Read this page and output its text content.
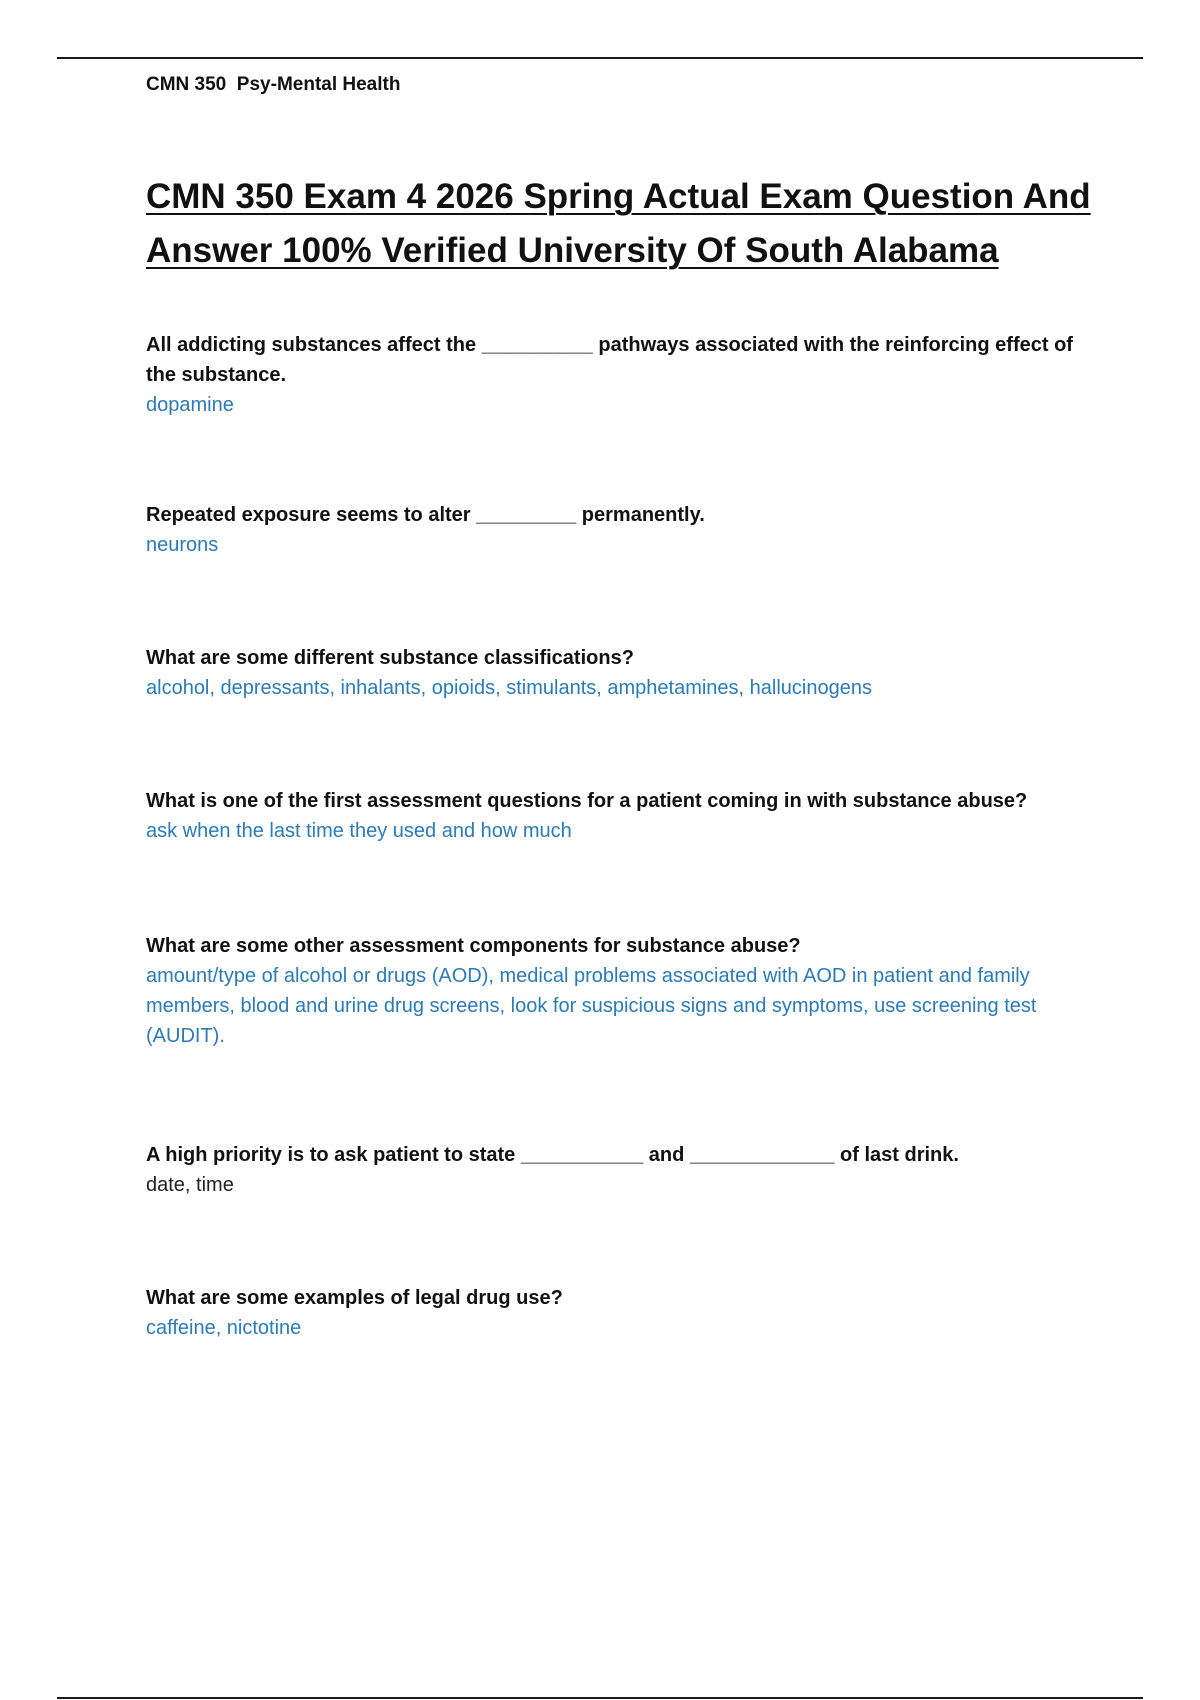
CMN 350  Psy-Mental Health
CMN 350 Exam 4 2026 Spring Actual Exam Question And Answer 100% Verified University Of South Alabama

All addicting substances affect the __________ pathways associated with the reinforcing effect of the substance.

dopamine

Repeated exposure seems to alter _________ permanently.

neurons

What are some different substance classifications?

alcohol, depressants, inhalants, opioids, stimulants, amphetamines, hallucinogens

What is one of the first assessment questions for a patient coming in with substance abuse?

ask when the last time they used and how much

What are some other assessment components for substance abuse?

amount/type of alcohol or drugs (AOD), medical problems associated with AOD in patient and family members, blood and urine drug screens, look for suspicious signs and symptoms, use screening test (AUDIT).

A high priority is to ask patient to state ___________ and _____________ of last drink.

date, time

What are some examples of legal drug use?

caffeine, nictotine
